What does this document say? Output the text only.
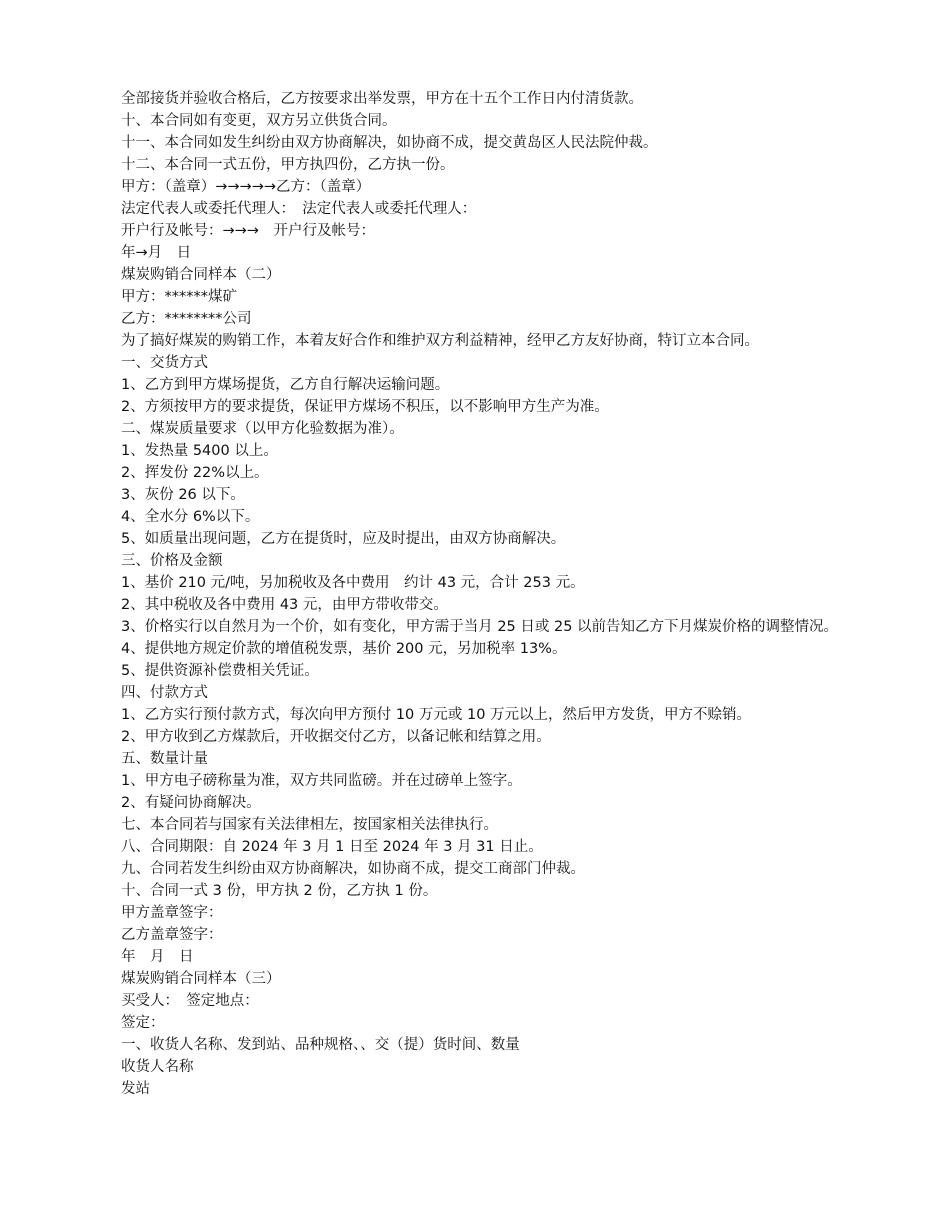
全部接货并验收合格后，乙方按要求出举发票，甲方在十五个工作日内付清货款。
十、本合同如有变更，双方另立供货合同。
十一、本合同如发生纠纷由双方协商解决，如协商不成，提交黄岛区人民法院仲裁。
十二、本合同一式五份，甲方执四份，乙方执一份。
甲方：（盖章）→→→→→乙方：（盖章）
法定代表人或委托代理人：　法定代表人或委托代理人：
开户行及帐号：→→→　开户行及帐号：
年→月　日
煤炭购销合同样本（二）
甲方：******煤矿
乙方：********公司
为了搞好煤炭的购销工作，本着友好合作和维护双方利益精神，经甲乙方友好协商，特订立本合同。
一、交货方式
1、乙方到甲方煤场提货，乙方自行解决运输问题。
2、方须按甲方的要求提货，保证甲方煤场不积压，以不影响甲方生产为准。
二、煤炭质量要求（以甲方化验数据为准）。
1、发热量 5400 以上。
2、挥发份 22%以上。
3、灰份 26 以下。
4、全水分 6%以下。
5、如质量出现问题，乙方在提货时，应及时提出，由双方协商解决。
三、价格及金额
1、基价 210 元/吨，另加税收及各中费用　约计 43 元，合计 253 元。
2、其中税收及各中费用 43 元，由甲方带收带交。
3、价格实行以自然月为一个价，如有变化，甲方需于当月 25 日或 25 以前告知乙方下月煤炭价格的调整情况。
4、提供地方规定价款的增值税发票，基价 200 元，另加税率 13%。
5、提供资源补偿费相关凭证。
四、付款方式
1、乙方实行预付款方式，每次向甲方预付 10 万元或 10 万元以上，然后甲方发货，甲方不赊销。
2、甲方收到乙方煤款后，开收据交付乙方，以备记帐和结算之用。
五、数量计量
1、甲方电子磅称量为准，双方共同监磅。并在过磅单上签字。
2、有疑问协商解决。
七、本合同若与国家有关法律相左，按国家相关法律执行。
八、合同期限：自 2024 年 3 月 1 日至 2024 年 3 月 31 日止。
九、合同若发生纠纷由双方协商解决，如协商不成，提交工商部门仲裁。
十、合同一式 3 份，甲方执 2 份，乙方执 1 份。
甲方盖章签字：
乙方盖章签字：
年　月　日
煤炭购销合同样本（三）
买受人：　签定地点：
签定：
一、收货人名称、发到站、品种规格、、交（提）货时间、数量
收货人名称
发站
